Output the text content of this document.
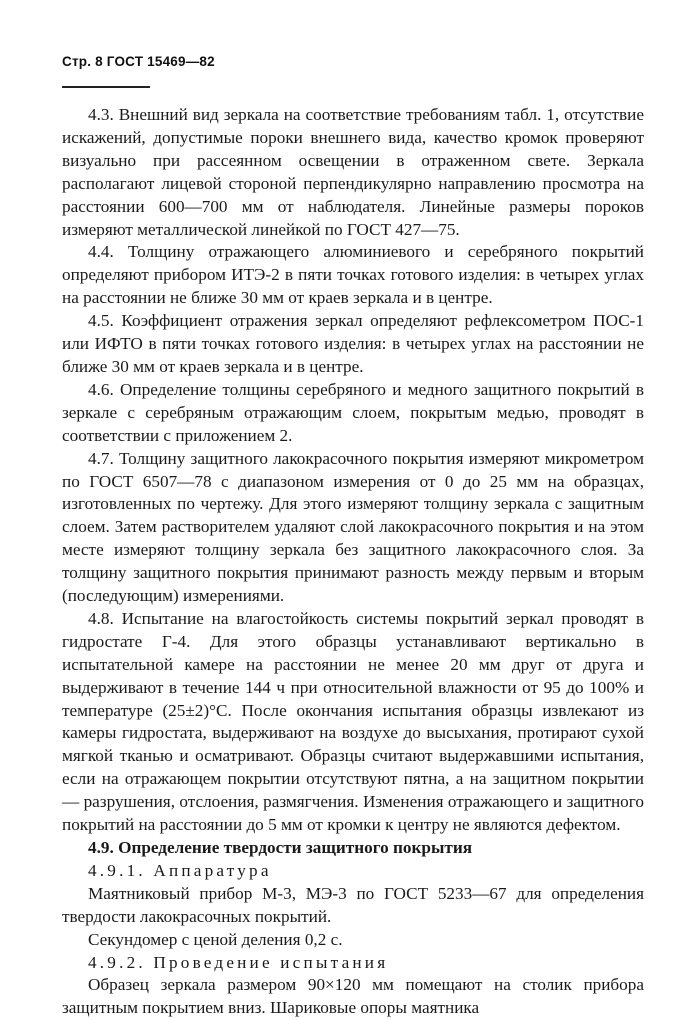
Стр. 8 ГОСТ 15469—82

4.3. Внешний вид зеркала на соответствие требованиям табл. 1, отсутствие искажений, допустимые пороки внешнего вида, качество кромок проверяют визуально при рассеянном освещении в отраженном свете. Зеркала располагают лицевой стороной перпендикулярно направлению просмотра на расстоянии 600—700 мм от наблюдателя. Линейные размеры пороков измеряют металлической линейкой по ГОСТ 427—75.

4.4. Толщину отражающего алюминиевого и серебряного покрытий определяют прибором ИТЭ-2 в пяти точках готового изделия: в четырех углах на расстоянии не ближе 30 мм от краев зеркала и в центре.

4.5. Коэффициент отражения зеркал определяют рефлексометром ПОС-1 или ИФТО в пяти точках готового изделия: в четырех углах на расстоянии не ближе 30 мм от краев зеркала и в центре.

4.6. Определение толщины серебряного и медного защитного покрытий в зеркале с серебряным отражающим слоем, покрытым медью, проводят в соответствии с приложением 2.

4.7. Толщину защитного лакокрасочного покрытия измеряют микрометром по ГОСТ 6507—78 с диапазоном измерения от 0 до 25 мм на образцах, изготовленных по чертежу. Для этого измеряют толщину зеркала с защитным слоем. Затем растворителем удаляют слой лакокрасочного покрытия и на этом месте измеряют толщину зеркала без защитного лакокрасочного слоя. За толщину защитного покрытия принимают разность между первым и вторым (последующим) измерениями.

4.8. Испытание на влагостойкость системы покрытий зеркал проводят в гидростате Г-4. Для этого образцы устанавливают вертикально в испытательной камере на расстоянии не менее 20 мм друг от друга и выдерживают в течение 144 ч при относительной влажности от 95 до 100% и температуре (25±2)°С. После окончания испытания образцы извлекают из камеры гидростата, выдерживают на воздухе до высыхания, протирают сухой мягкой тканью и осматривают. Образцы считают выдержавшими испытания, если на отражающем покрытии отсутствуют пятна, а на защитном покрытии — разрушения, отслоения, размягчения. Изменения отражающего и защитного покрытий на расстоянии до 5 мм от кромки к центру не являются дефектом.

4.9. Определение твердости защитного покрытия

4.9.1. Аппаратура

Маятниковый прибор М-3, МЭ-3 по ГОСТ 5233—67 для определения твердости лакокрасочных покрытий.

Секундомер с ценой деления 0,2 с.

4.9.2. Проведение испытания

Образец зеркала размером 90×120 мм помещают на столик прибора защитным покрытием вниз. Шариковые опоры маятника
